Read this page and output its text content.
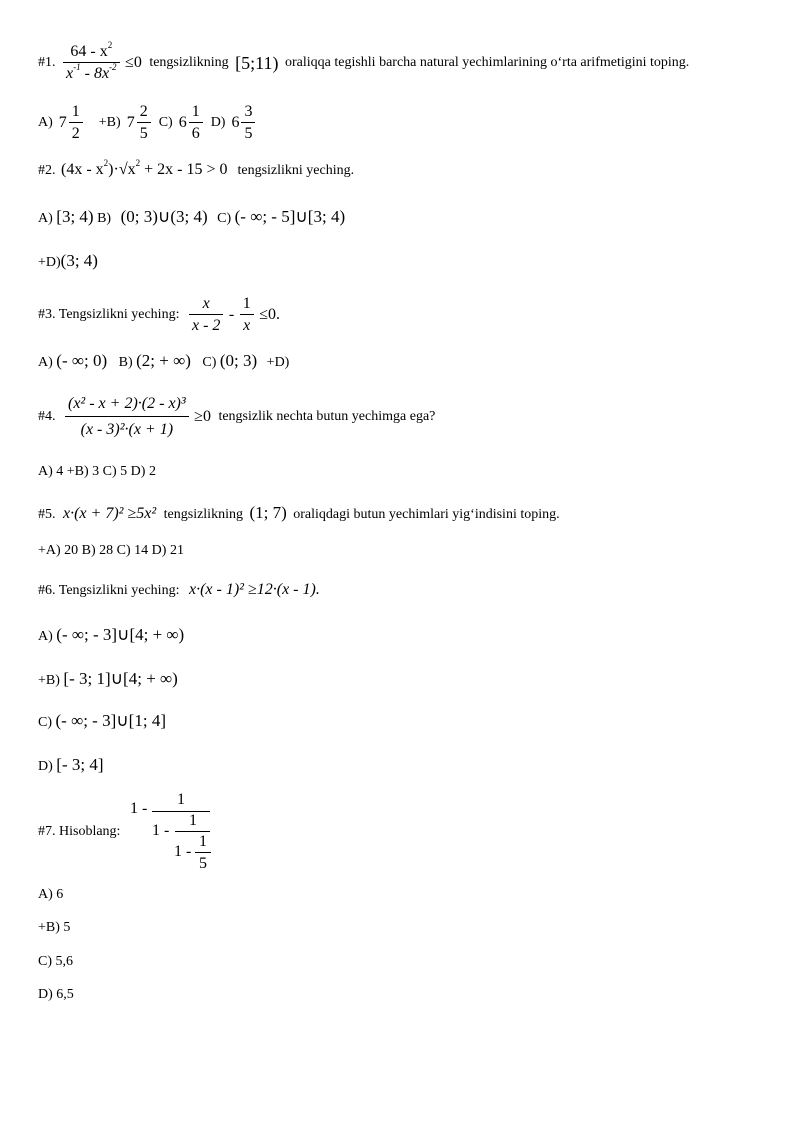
#1. $\frac{64 - x^2}{x^{-1} - 8x^{-2}} \le 0$ tengsizlikning [5;11) oraliqqa tegishli barcha natural yechimlarining o‘rta arifmetigini toping.
A) $7 \frac{1}{2} +B$) $7 \frac{2}{5} C$) $6 \frac{1}{6} D$) $6 \frac{3}{5}$
#2. $(4x - x^2)\cdot√x^2 + 2x - 15 > 0$ tengsizlikni yeching.
A) [3; 4) B) (0; 3)∪(3; 4) C) (- ∞; - 5]∪[3; 4)
+D)(3; 4)
#3. Tengsizlikni yeching: $\frac{x}{x - 2} - \frac{1}{x} \le 0$.
A) (- ∞; 0) B) (2; + ∞) C) (0; 3) +D)
#4. $\frac{\text{(x² - x + 2)·(2 - x)³}}{\text{(x - 3)²·(x + 1)}} \ge 0$ tengsizlik nechta butun yechimga ega?
A) 4 +B) 3 C) 5 D) 2
#5. x·(x + 7)² ≥5x² tengsizlikning (1; 7) oraliqdagi butun yechimlari yig‘indisini toping.
+A) 20 B) 28 C) 14 D) 21
#6. Tengsizlikni yeching: x·(x - 1)² ≥12·(x - 1).
A) (- ∞; - 3]∪[4; + ∞)
+B) [- 3; 1]∪[4; + ∞)
C) (- ∞; - 3]∪[1; 4]
D) [- 3; 4]
#7. Hisoblang:
1 -
1
1 -
1
1 -
1
5
A) 6
+B) 5
C) 5,6
D) 6,5
